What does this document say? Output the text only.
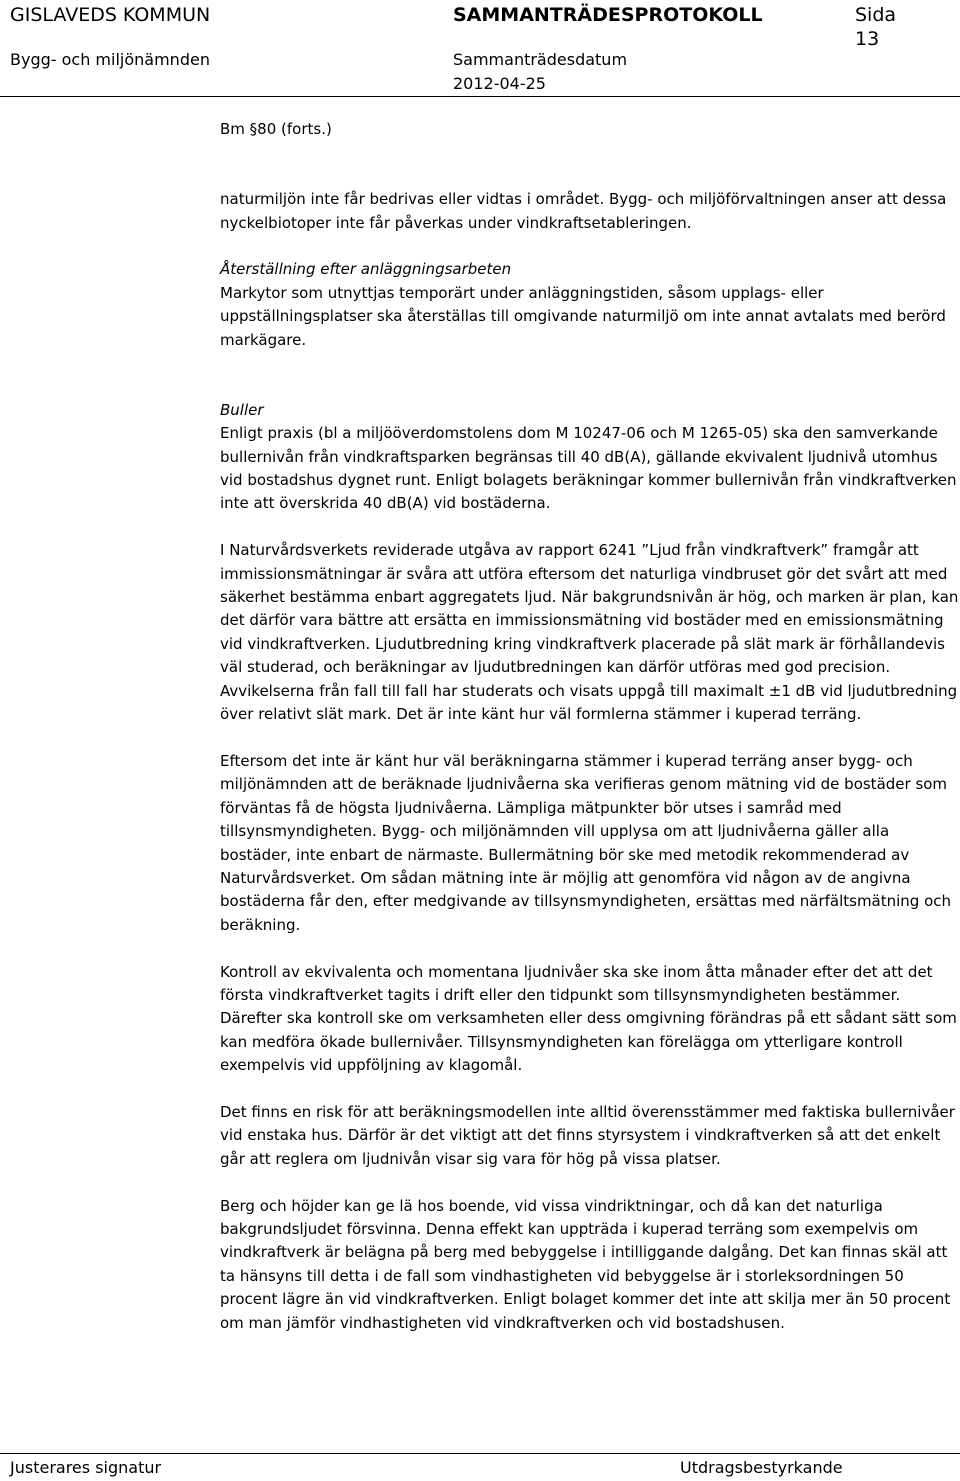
GISLAVEDS KOMMUN
Bygg- och miljönämnden
SAMMANTRÄDESPROTOKOLL
Sammanträdesdatum
2012-04-25
Sida
13

Bm §80 (forts.)

naturmiljön inte får bedrivas eller vidtas i området. Bygg- och miljöförvaltningen anser att dessa nyckelbiotoper inte får påverkas under vindkraftsetableringen.

Återställning efter anläggningsarbeten
Markytor som utnyttjas temporärt under anläggningstiden, såsom upplags- eller uppställningsplatser ska återställas till omgivande naturmiljö om inte annat avtalats med berörd markägare.

Buller
Enligt praxis (bl a miljööverdomstolens dom M 10247-06 och M 1265-05) ska den samverkande bullernivån från vindkraftsparken begränsas till 40 dB(A), gällande ekvivalent ljudnivå utomhus vid bostadshus dygnet runt. Enligt bolagets beräkningar kommer bullernivån från vindkraftverken inte att överskrida 40 dB(A) vid bostäderna.

I Naturvårdsverkets reviderade utgåva av rapport 6241 ”Ljud från vindkraftverk” framgår att immissionsmätningar är svåra att utföra eftersom det naturliga vindbruset gör det svårt att med säkerhet bestämma enbart aggregatets ljud. När bakgrundsnivån är hög, och marken är plan, kan det därför vara bättre att ersätta en immissionsmätning vid bostäder med en emissionsmätning vid vindkraftverken. Ljudutbredning kring vindkraftverk placerade på slät mark är förhållandevis väl studerad, och beräkningar av ljudutbredningen kan därför utföras med god precision. Avvikelserna från fall till fall har studerats och visats uppgå till maximalt ±1 dB vid ljudutbredning över relativt slät mark. Det är inte känt hur väl formlerna stämmer i kuperad terräng.

Eftersom det inte är känt hur väl beräkningarna stämmer i kuperad terräng anser bygg- och miljönämnden att de beräknade ljudnivåerna ska verifieras genom mätning vid de bostäder som förväntas få de högsta ljudnivåerna. Lämpliga mätpunkter bör utses i samråd med tillsynsmyndigheten. Bygg- och miljönämnden vill upplysa om att ljudnivåerna gäller alla bostäder, inte enbart de närmaste. Bullermätning bör ske med metodik rekommenderad av Naturvårdsverket. Om sådan mätning inte är möjlig att genomföra vid någon av de angivna bostäderna får den, efter medgivande av tillsynsmyndigheten, ersättas med närfältsmätning och beräkning.

Kontroll av ekvivalenta och momentana ljudnivåer ska ske inom åtta månader efter det att det första vindkraftverket tagits i drift eller den tidpunkt som tillsynsmyndigheten bestämmer. Därefter ska kontroll ske om verksamheten eller dess omgivning förändras på ett sådant sätt som kan medföra ökade bullernivåer. Tillsynsmyndigheten kan förelägga om ytterligare kontroll exempelvis vid uppföljning av klagomål.

Det finns en risk för att beräkningsmodellen inte alltid överensstämmer med faktiska bullernivåer vid enstaka hus. Därför är det viktigt att det finns styrsystem i vindkraftverken så att det enkelt går att reglera om ljudnivån visar sig vara för hög på vissa platser.

Berg och höjder kan ge lä hos boende, vid vissa vindriktningar, och då kan det naturliga bakgrundsljudet försvinna. Denna effekt kan uppträda i kuperad terräng som exempelvis om vindkraftverk är belägna på berg med bebyggelse i intilliggande dalgång. Det kan finnas skäl att ta hänsyns till detta i de fall som vindhastigheten vid bebyggelse är i storleksordningen 50 procent lägre än vid vindkraftverken. Enligt bolaget kommer det inte att skilja mer än 50 procent om man jämför vindhastigheten vid vindkraftverken och vid bostadshusen.

Justerares signatur	Utdragsbestyrkande
